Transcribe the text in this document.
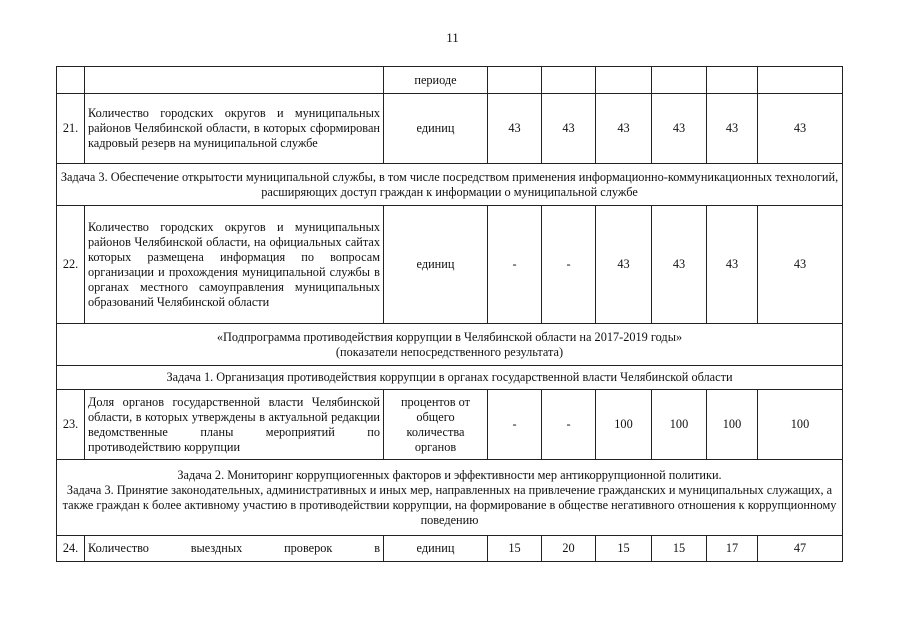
11
		периоде						
21.	Количество городских округов и муниципальных районов Челябинской области, в которых сформирован кадровый резерв на муниципальной службе	единиц	43	43	43	43	43	43
Задача 3. Обеспечение открытости муниципальной службы, в том числе посредством применения информационно-коммуникационных технологий, расширяющих доступ граждан к информации о муниципальной службе								
22.	Количество городских округов и муниципальных районов Челябинской области, на официальных сайтах которых размещена информация по вопросам организации и прохождения муниципальной службы в органах местного самоуправления муниципальных образований Челябинской области	единиц	-	-	43	43	43	43

«Подпрограмма противодействия коррупции в Челябинской области на 2017-2019 годы»
(показатели непосредственного результата)								

Задача 1. Организация противодействия коррупции в органах государственной власти Челябинской области								
23.	Доля органов государственной власти Челябинской области, в которых утверждены в актуальной редакции ведомственные планы мероприятий по противодействию коррупции	процентов от общего количества органов	-	-	100	100	100	100

Задача 2. Мониторинг коррупциогенных факторов и эффективности мер антикоррупционной политики.
Задача 3. Принятие законодательных, административных и иных мер, направленных на привлечение гражданских и муниципальных служащих, а также граждан к более активному участию в противодействии коррупции, на формирование в обществе негативного отношения к коррупционному поведению								

24.	Количество выездных проверок в	единиц	15	20	15	15	17	47
